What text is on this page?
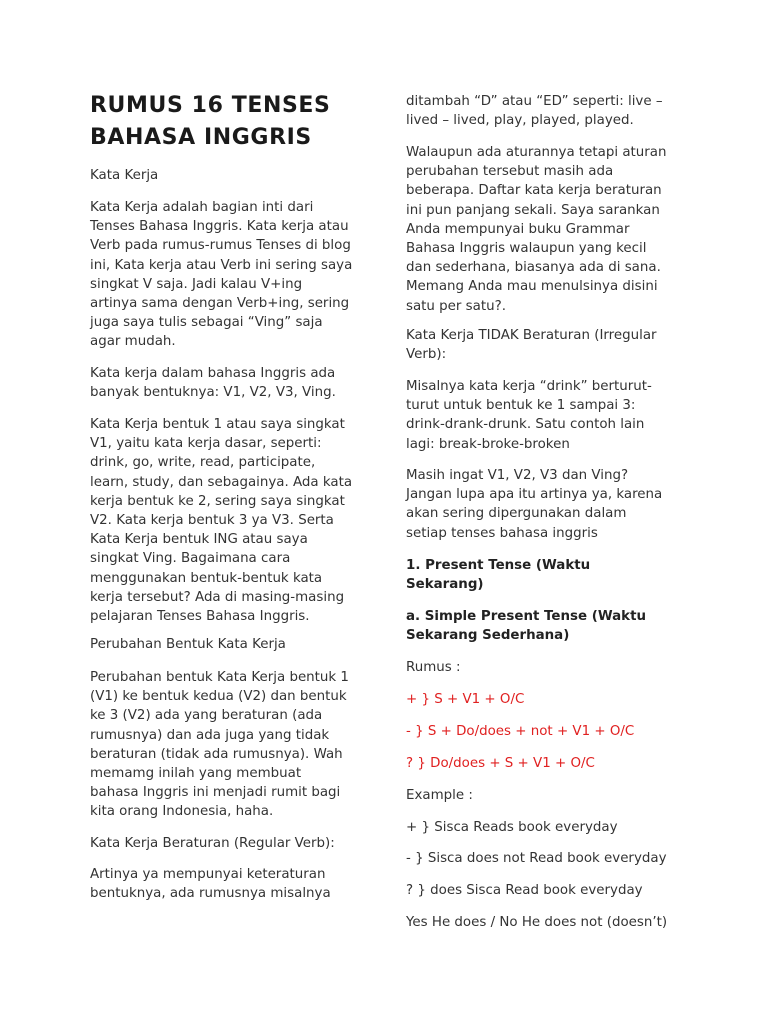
RUMUS 16 TENSES
BAHASA INGGRIS

Kata Kerja

Kata Kerja adalah bagian inti dari
Tenses Bahasa Inggris. Kata kerja atau
Verb pada rumus-rumus Tenses di blog
ini, Kata kerja atau Verb ini sering saya
singkat V saja. Jadi kalau V+ing
artinya sama dengan Verb+ing, sering
juga saya tulis sebagai “Ving” saja
agar mudah.

Kata kerja dalam bahasa Inggris ada
banyak bentuknya: V1, V2, V3, Ving.

Kata Kerja bentuk 1 atau saya singkat
V1, yaitu kata kerja dasar, seperti:
drink, go, write, read, participate,
learn, study, dan sebagainya. Ada kata
kerja bentuk ke 2, sering saya singkat
V2. Kata kerja bentuk 3 ya V3. Serta
Kata Kerja bentuk ING atau saya
singkat Ving. Bagaimana cara
menggunakan bentuk-bentuk kata
kerja tersebut? Ada di masing-masing
pelajaran Tenses Bahasa Inggris.

Perubahan Bentuk Kata Kerja

Perubahan bentuk Kata Kerja bentuk 1
(V1) ke bentuk kedua (V2) dan bentuk
ke 3 (V2) ada yang beraturan (ada
rumusnya) dan ada juga yang tidak
beraturan (tidak ada rumusnya). Wah
memamg inilah yang membuat
bahasa Inggris ini menjadi rumit bagi
kita orang Indonesia, haha.

Kata Kerja Beraturan (Regular Verb):

Artinya ya mempunyai keteraturan
bentuknya, ada rumusnya misalnya

ditambah “D” atau “ED” seperti: live –
lived – lived, play, played, played.

Walaupun ada aturannya tetapi aturan
perubahan tersebut masih ada
beberapa. Daftar kata kerja beraturan
ini pun panjang sekali. Saya sarankan
Anda mempunyai buku Grammar
Bahasa Inggris walaupun yang kecil
dan sederhana, biasanya ada di sana.
Memang Anda mau menulsinya disini
satu per satu?.

Kata Kerja TIDAK Beraturan (Irregular
Verb):

Misalnya kata kerja “drink” berturut-
turut untuk bentuk ke 1 sampai 3:
drink-drank-drunk. Satu contoh lain
lagi: break-broke-broken

Masih ingat V1, V2, V3 dan Ving?
Jangan lupa apa itu artinya ya, karena
akan sering dipergunakan dalam
setiap tenses bahasa inggris

1. Present Tense (Waktu
Sekarang)

a. Simple Present Tense (Waktu
Sekarang Sederhana)

Rumus :

+ } S + V1 + O/C

- } S + Do/does + not + V1 + O/C

? } Do/does + S + V1 + O/C

Example :

+ } Sisca Reads book everyday

- } Sisca does not Read book everyday

? } does Sisca Read book everyday

Yes He does / No He does not (doesn’t)
